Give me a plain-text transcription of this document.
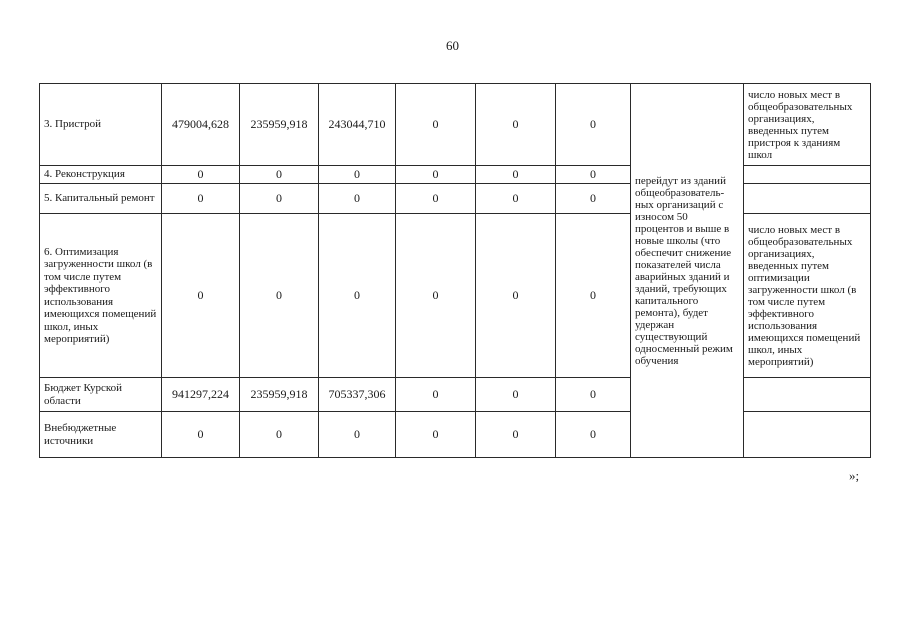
60
3. Пристрой	479004,628	235959,918	243044,710	0	0	0	перейдут из зданий общеобразователь-ных организаций с износом 50 процентов и выше в новые школы (что обеспечит снижение показателей числа аварийных зданий и зданий, требующих капитального ремонта), будет удержан существующий односменный режим обучения	число новых мест в общеобразовательных организациях, введенных путем пристроя к зданиям школ
4. Реконструкция	0	0	0	0	0	0		
5. Капитальный ремонт	0	0	0	0	0	0		
6. Оптимизация загруженности школ (в том числе путем эффективного использования имеющихся помещений школ, иных мероприятий)	0	0	0	0	0	0		число новых мест в общеобразовательных организациях, введенных путем оптимизации загруженности школ (в том числе путем эффективного использования имеющихся помещений школ, иных мероприятий)
Бюджет Курской области	941297,224	235959,918	705337,306	0	0	0		
Внебюджетные источники	0	0	0	0	0	0		
»;
